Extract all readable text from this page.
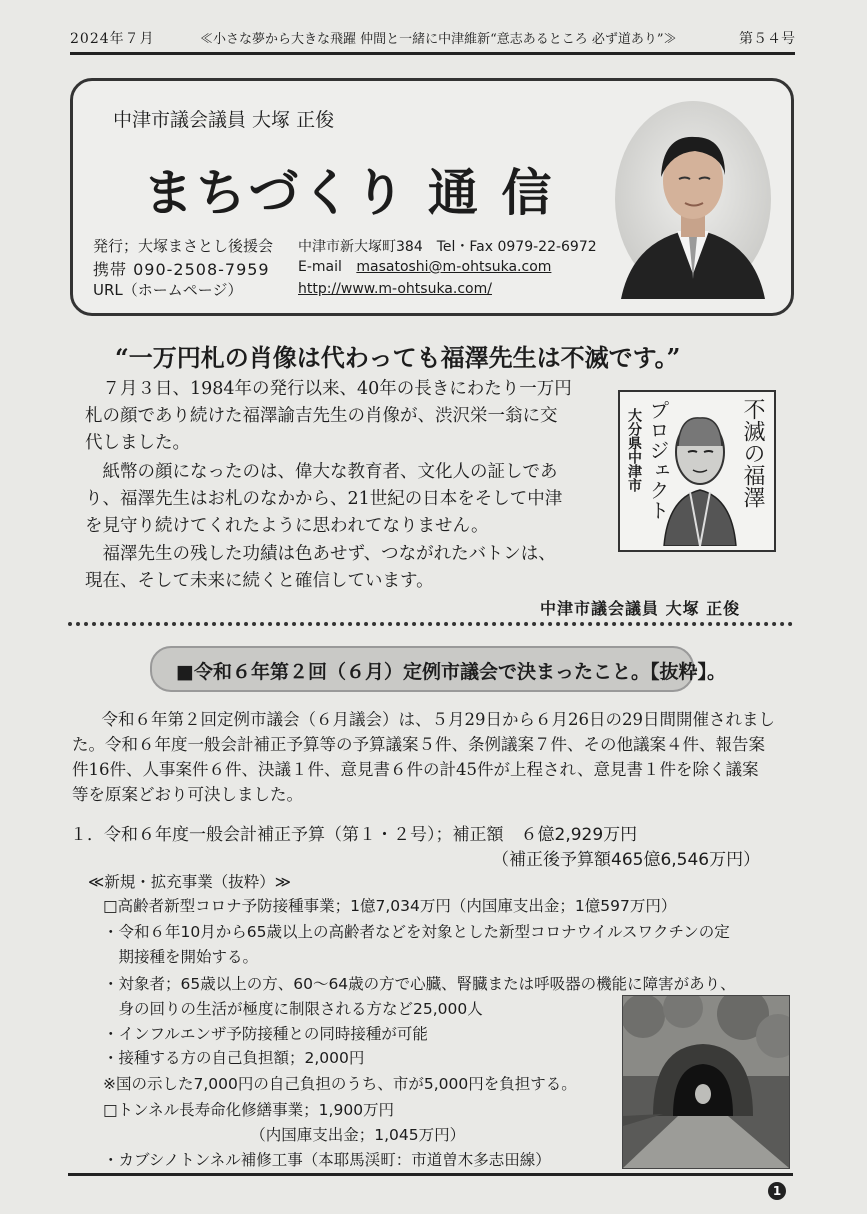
2024年７月	≪小さな夢から大きな飛躍 仲間と一緒に中津維新“意志あるところ 必ず道あり”≫	第５４号
中津市議会議員 大塚 正俊
まちづくり 通 信
発行；大塚まさとし後援会
携帯 090-2508-7959
URL（ホームページ）
中津市新大塚町384　Tel・Fax 0979-22-6972
E-mail masatoshi@m-ohtsuka.com
http://www.m-ohtsuka.com/
“一万円札の肖像は代わっても福澤先生は不滅です。”
　７月３日、1984年の発行以来、40年の長きにわたり一万円
札の顔であり続けた福澤諭吉先生の肖像が、渋沢栄一翁に交
代しました。
　紙幣の顔になったのは、偉大な教育者、文化人の証しであ
り、福澤先生はお札のなかから、21世紀の日本をそして中津
を見守り続けてくれたように思われてなりません。
　福澤先生の残した功績は色あせず、つながれたバトンは、
現在、そして未来に続くと確信しています。
不滅の福澤
プロジェクト
大分県中津市
中津市議会議員 大塚 正俊
■令和６年第２回（６月）定例市議会で決まったこと。【抜粋】。
　令和６年第２回定例市議会（６月議会）は、５月29日から６月26日の29日間開催されまし
た。令和６年度一般会計補正予算等の予算議案５件、条例議案７件、その他議案４件、報告案
件16件、人事案件６件、決議１件、意見書６件の計45件が上程され、意見書１件を除く議案
等を原案どおり可決しました。
１．令和６年度一般会計補正予算（第１・２号）；補正額　６億2,929万円
（補正後予算額465億6,546万円）
≪新規・拡充事業（抜粋）≫
□高齢者新型コロナ予防接種事業；1億7,034万円（内国庫支出金；1億597万円）
・令和６年10月から65歳以上の高齢者などを対象とした新型コロナウイルスワクチンの定
　期接種を開始する。
・対象者；65歳以上の方、60～64歳の方で心臓、腎臓または呼吸器の機能に障害があり、
　身の回りの生活が極度に制限される方など25,000人
・インフルエンザ予防接種との同時接種が可能
・接種する方の自己負担額；2,000円
※国の示した7,000円の自己負担のうち、市が5,000円を負担する。
□トンネル長寿命化修繕事業；1,900万円
　　　　　　　　　　（内国庫支出金；1,045万円）
・カブシノトンネル補修工事（本耶馬渓町：市道曽木多志田線）
1
